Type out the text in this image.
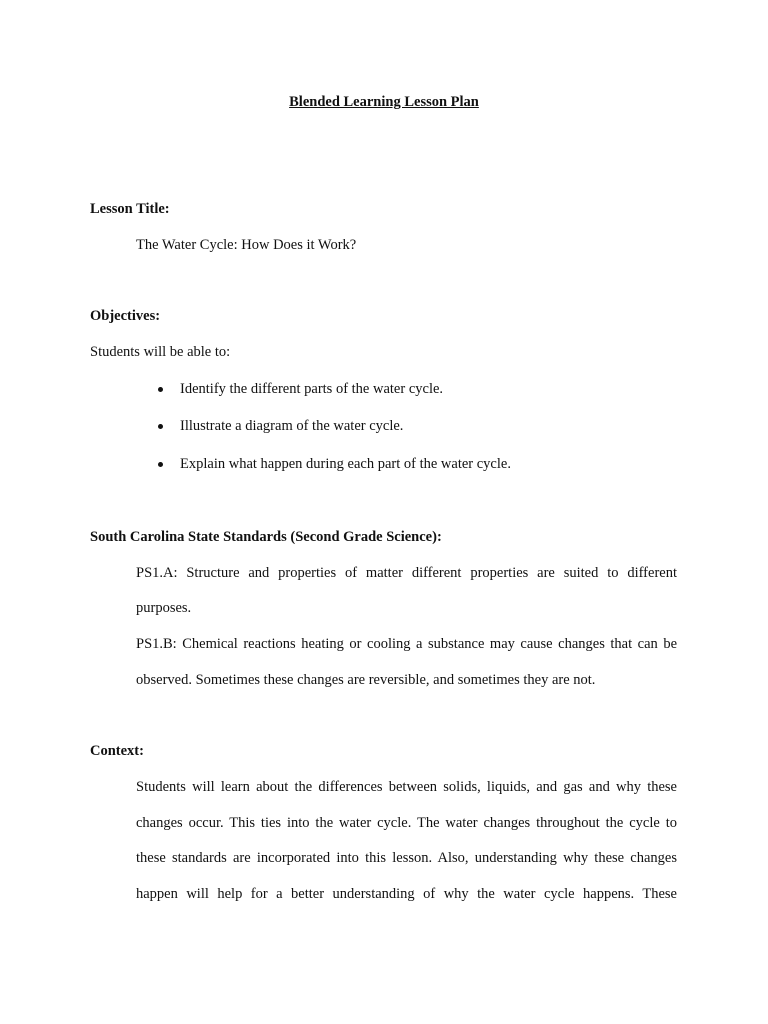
Blended Learning Lesson Plan
Lesson Title:
The Water Cycle: How Does it Work?
Objectives:
Students will be able to:
Identify the different parts of the water cycle.
Illustrate a diagram of the water cycle.
Explain what happen during each part of the water cycle.
South Carolina State Standards (Second Grade Science):
PS1.A: Structure and properties of matter different properties are suited to different
purposes.
PS1.B: Chemical reactions heating or cooling a substance may cause changes that can be
observed. Sometimes these changes are reversible, and sometimes they are not.
Context:
Students will learn about the differences between solids, liquids, and gas and why these
changes occur. This ties into the water cycle. The water changes throughout the cycle to
these standards are incorporated into this lesson. Also, understanding why these changes
happen will help for a better understanding of why the water cycle happens. These
